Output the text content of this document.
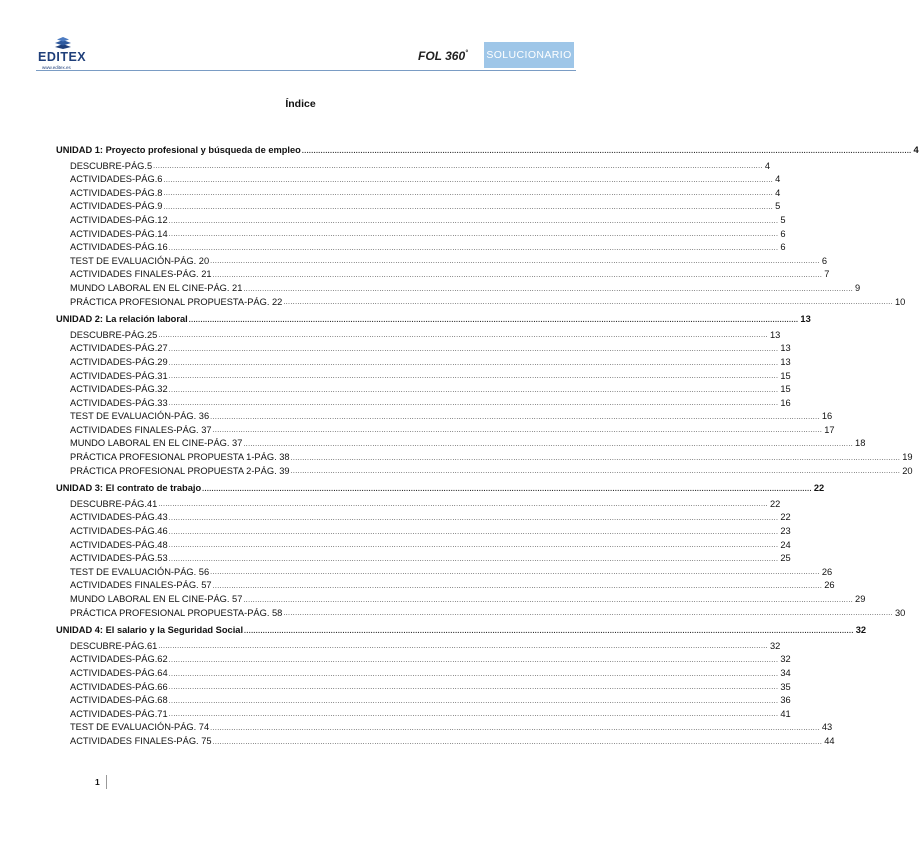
EDITEX
www.editex.es
FOL 360° SOLUCIONARIO
Índice
UNIDAD 1: Proyecto profesional y búsqueda de empleo .................................................................................................................................................................................................................................................................... 4
DESCUBRE-PÁG.5 .................................................................................................................................................................................................................................................................... 4
ACTIVIDADES-PÁG.6 .................................................................................................................................................................................................................................................................... 4
ACTIVIDADES-PÁG.8 .................................................................................................................................................................................................................................................................... 4
ACTIVIDADES-PÁG.9 .................................................................................................................................................................................................................................................................... 5
ACTIVIDADES-PÁG.12 .................................................................................................................................................................................................................................................................... 5
ACTIVIDADES-PÁG.14 .................................................................................................................................................................................................................................................................... 6
ACTIVIDADES-PÁG.16 .................................................................................................................................................................................................................................................................... 6
TEST DE EVALUACIÓN-PÁG. 20 .................................................................................................................................................................................................................................................................... 6
ACTIVIDADES FINALES-PÁG. 21 .................................................................................................................................................................................................................................................................... 7
MUNDO LABORAL EN EL CINE-PÁG. 21 .................................................................................................................................................................................................................................................................... 9
PRÁCTICA PROFESIONAL PROPUESTA-PÁG. 22 .................................................................................................................................................................................................................................................................... 10
UNIDAD 2: La relación laboral .................................................................................................................................................................................................................................................................... 13
DESCUBRE-PÁG.25 .................................................................................................................................................................................................................................................................... 13
ACTIVIDADES-PÁG.27 .................................................................................................................................................................................................................................................................... 13
ACTIVIDADES-PÁG.29 .................................................................................................................................................................................................................................................................... 13
ACTIVIDADES-PÁG.31 .................................................................................................................................................................................................................................................................... 15
ACTIVIDADES-PÁG.32 .................................................................................................................................................................................................................................................................... 15
ACTIVIDADES-PÁG.33 .................................................................................................................................................................................................................................................................... 16
TEST DE EVALUACIÓN-PÁG. 36 .................................................................................................................................................................................................................................................................... 16
ACTIVIDADES FINALES-PÁG. 37 .................................................................................................................................................................................................................................................................... 17
MUNDO LABORAL EN EL CINE-PÁG. 37 .................................................................................................................................................................................................................................................................... 18
PRÁCTICA PROFESIONAL PROPUESTA 1-PÁG. 38 .................................................................................................................................................................................................................................................................... 19
PRÁCTICA PROFESIONAL PROPUESTA 2-PÁG. 39 .................................................................................................................................................................................................................................................................... 20
UNIDAD 3: El contrato de trabajo .................................................................................................................................................................................................................................................................... 22
DESCUBRE-PÁG.41 .................................................................................................................................................................................................................................................................... 22
ACTIVIDADES-PÁG.43 .................................................................................................................................................................................................................................................................... 22
ACTIVIDADES-PÁG.46 .................................................................................................................................................................................................................................................................... 23
ACTIVIDADES-PÁG.48 .................................................................................................................................................................................................................................................................... 24
ACTIVIDADES-PÁG.53 .................................................................................................................................................................................................................................................................... 25
TEST DE EVALUACIÓN-PÁG. 56 .................................................................................................................................................................................................................................................................... 26
ACTIVIDADES FINALES-PÁG. 57 .................................................................................................................................................................................................................................................................... 26
MUNDO LABORAL EN EL CINE-PÁG. 57 .................................................................................................................................................................................................................................................................... 29
PRÁCTICA PROFESIONAL PROPUESTA-PÁG. 58 .................................................................................................................................................................................................................................................................... 30
UNIDAD 4: El salario y la Seguridad Social .................................................................................................................................................................................................................................................................... 32
DESCUBRE-PÁG.61 .................................................................................................................................................................................................................................................................... 32
ACTIVIDADES-PÁG.62 .................................................................................................................................................................................................................................................................... 32
ACTIVIDADES-PÁG.64 .................................................................................................................................................................................................................................................................... 34
ACTIVIDADES-PÁG.66 .................................................................................................................................................................................................................................................................... 35
ACTIVIDADES-PÁG.68 .................................................................................................................................................................................................................................................................... 36
ACTIVIDADES-PÁG.71 .................................................................................................................................................................................................................................................................... 41
TEST DE EVALUACIÓN-PÁG. 74 .................................................................................................................................................................................................................................................................... 43
ACTIVIDADES FINALES-PÁG. 75 .................................................................................................................................................................................................................................................................... 44
1
